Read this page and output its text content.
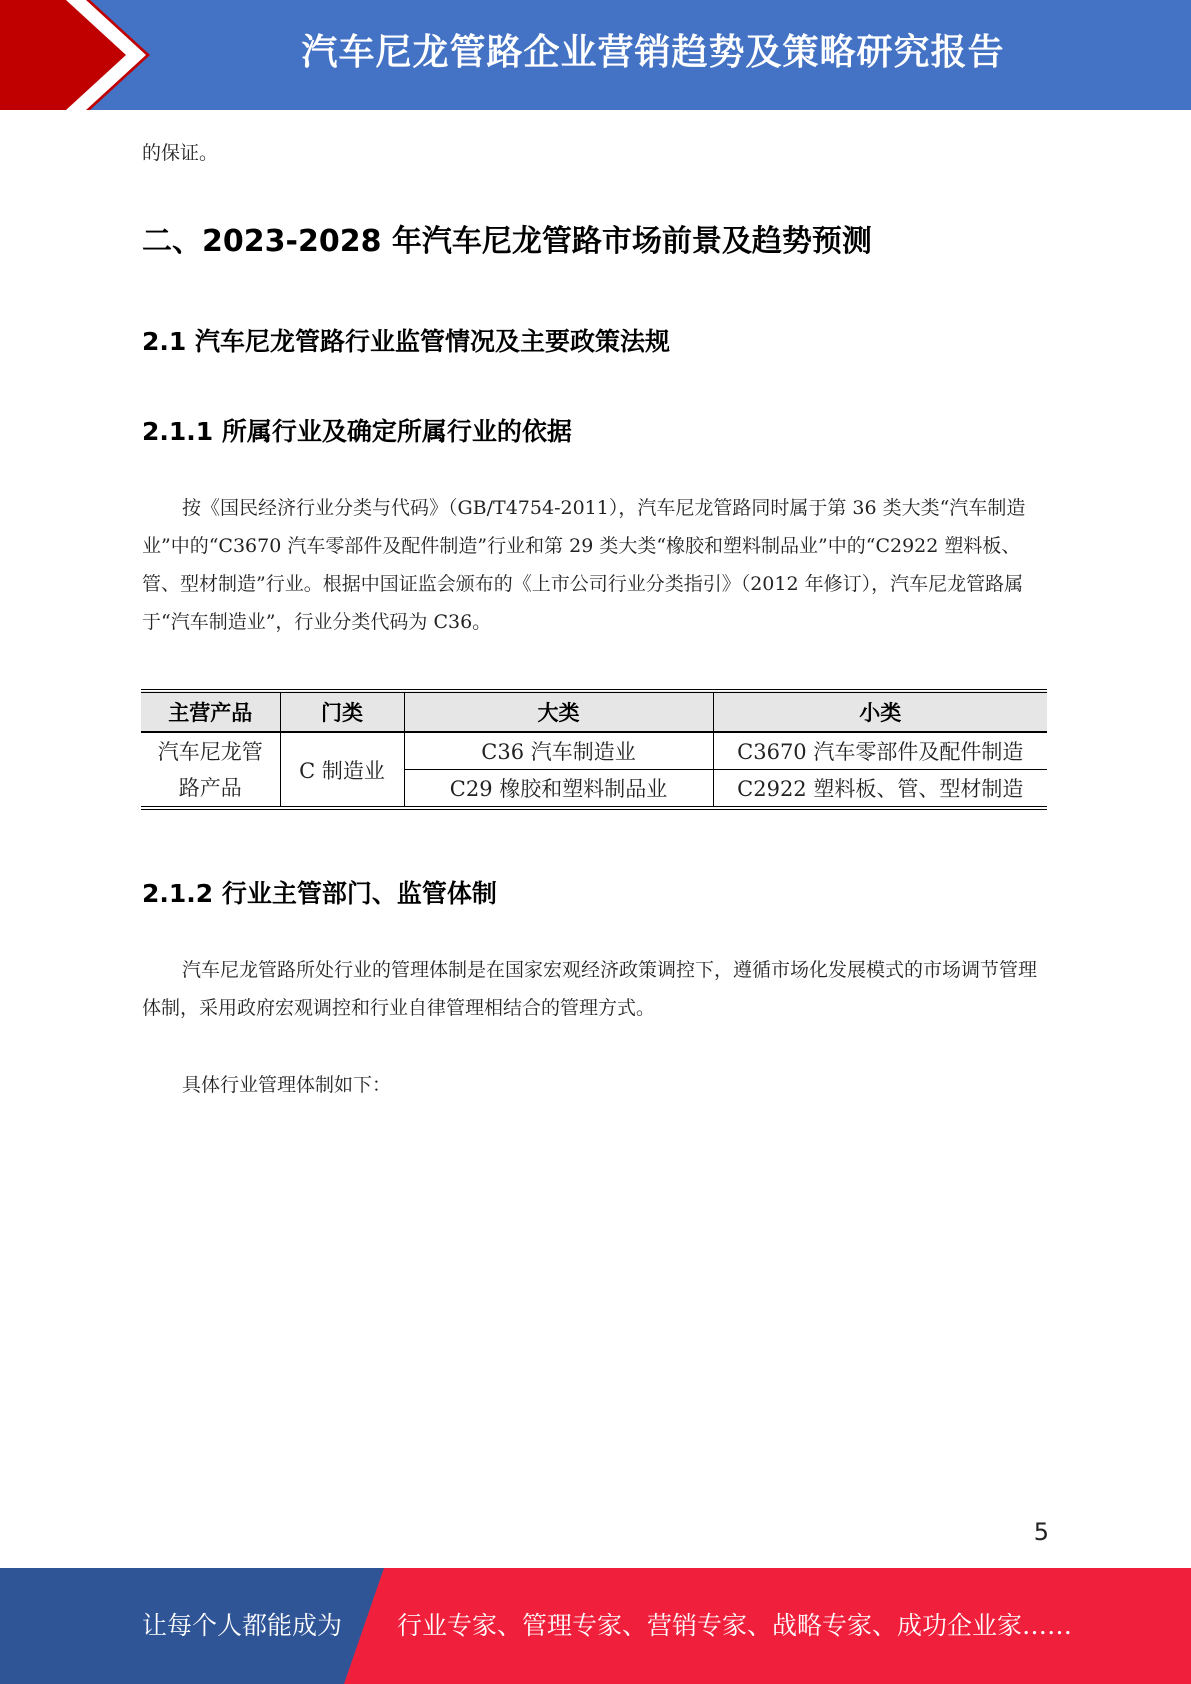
汽车尼龙管路企业营销趋势及策略研究报告
的保证。
二、2023-2028 年汽车尼龙管路市场前景及趋势预测
2.1 汽车尼龙管路行业监管情况及主要政策法规
2.1.1 所属行业及确定所属行业的依据
按《国民经济行业分类与代码》（GB/T4754-2011），汽车尼龙管路同时属于第 36 类大类“汽车制造业”中的“C3670 汽车零部件及配件制造”行业和第 29 类大类“橡胶和塑料制品业”中的“C2922 塑料板、管、型材制造”行业。根据中国证监会颁布的《上市公司行业分类指引》（2012 年修订），汽车尼龙管路属于“汽车制造业”，行业分类代码为 C36。
主营产品	门类	大类	小类

汽车尼龙管
路产品	C 制造业	C36 汽车制造业	C3670 汽车零部件及配件制造
		C29 橡胶和塑料制品业	C2922 塑料板、管、型材制造
2.1.2 行业主管部门、监管体制
汽车尼龙管路所处行业的管理体制是在国家宏观经济政策调控下，遵循市场化发展模式的市场调节管理体制，采用政府宏观调控和行业自律管理相结合的管理方式。
具体行业管理体制如下：
5
让每个人都能成为 行业专家、管理专家、营销专家、战略专家、成功企业家……
